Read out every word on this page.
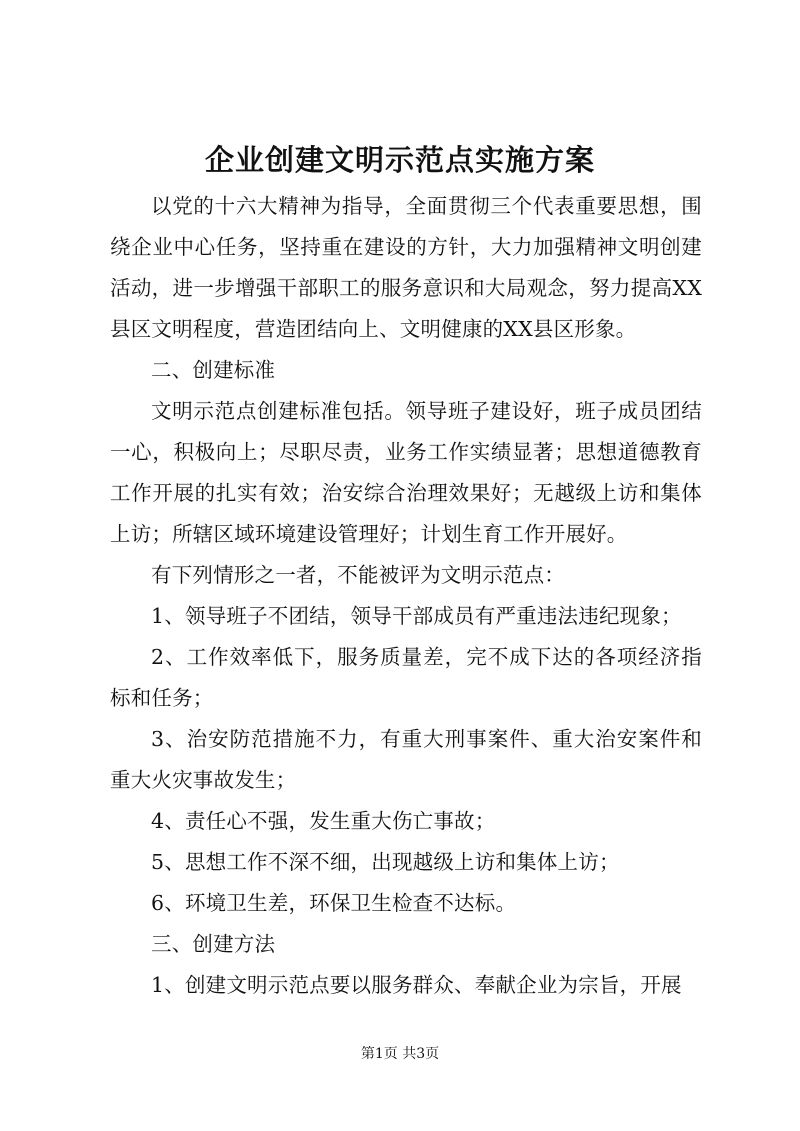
企业创建文明示范点实施方案

以党的十六大精神为指导，全面贯彻三个代表重要思想，围绕企业中心任务，坚持重在建设的方针，大力加强精神文明创建活动，进一步增强干部职工的服务意识和大局观念，努力提高XX县区文明程度，营造团结向上、文明健康的XX县区形象。

二、创建标准

文明示范点创建标准包括。领导班子建设好，班子成员团结一心，积极向上；尽职尽责，业务工作实绩显著；思想道德教育工作开展的扎实有效；治安综合治理效果好；无越级上访和集体上访；所辖区域环境建设管理好；计划生育工作开展好。

有下列情形之一者，不能被评为文明示范点：

1、领导班子不团结，领导干部成员有严重违法违纪现象；

2、工作效率低下，服务质量差，完不成下达的各项经济指标和任务；

3、治安防范措施不力，有重大刑事案件、重大治安案件和重大火灾事故发生；

4、责任心不强，发生重大伤亡事故；

5、思想工作不深不细，出现越级上访和集体上访；

6、环境卫生差，环保卫生检查不达标。

三、创建方法

1、创建文明示范点要以服务群众、奉献企业为宗旨，开展

第1页 共3页
